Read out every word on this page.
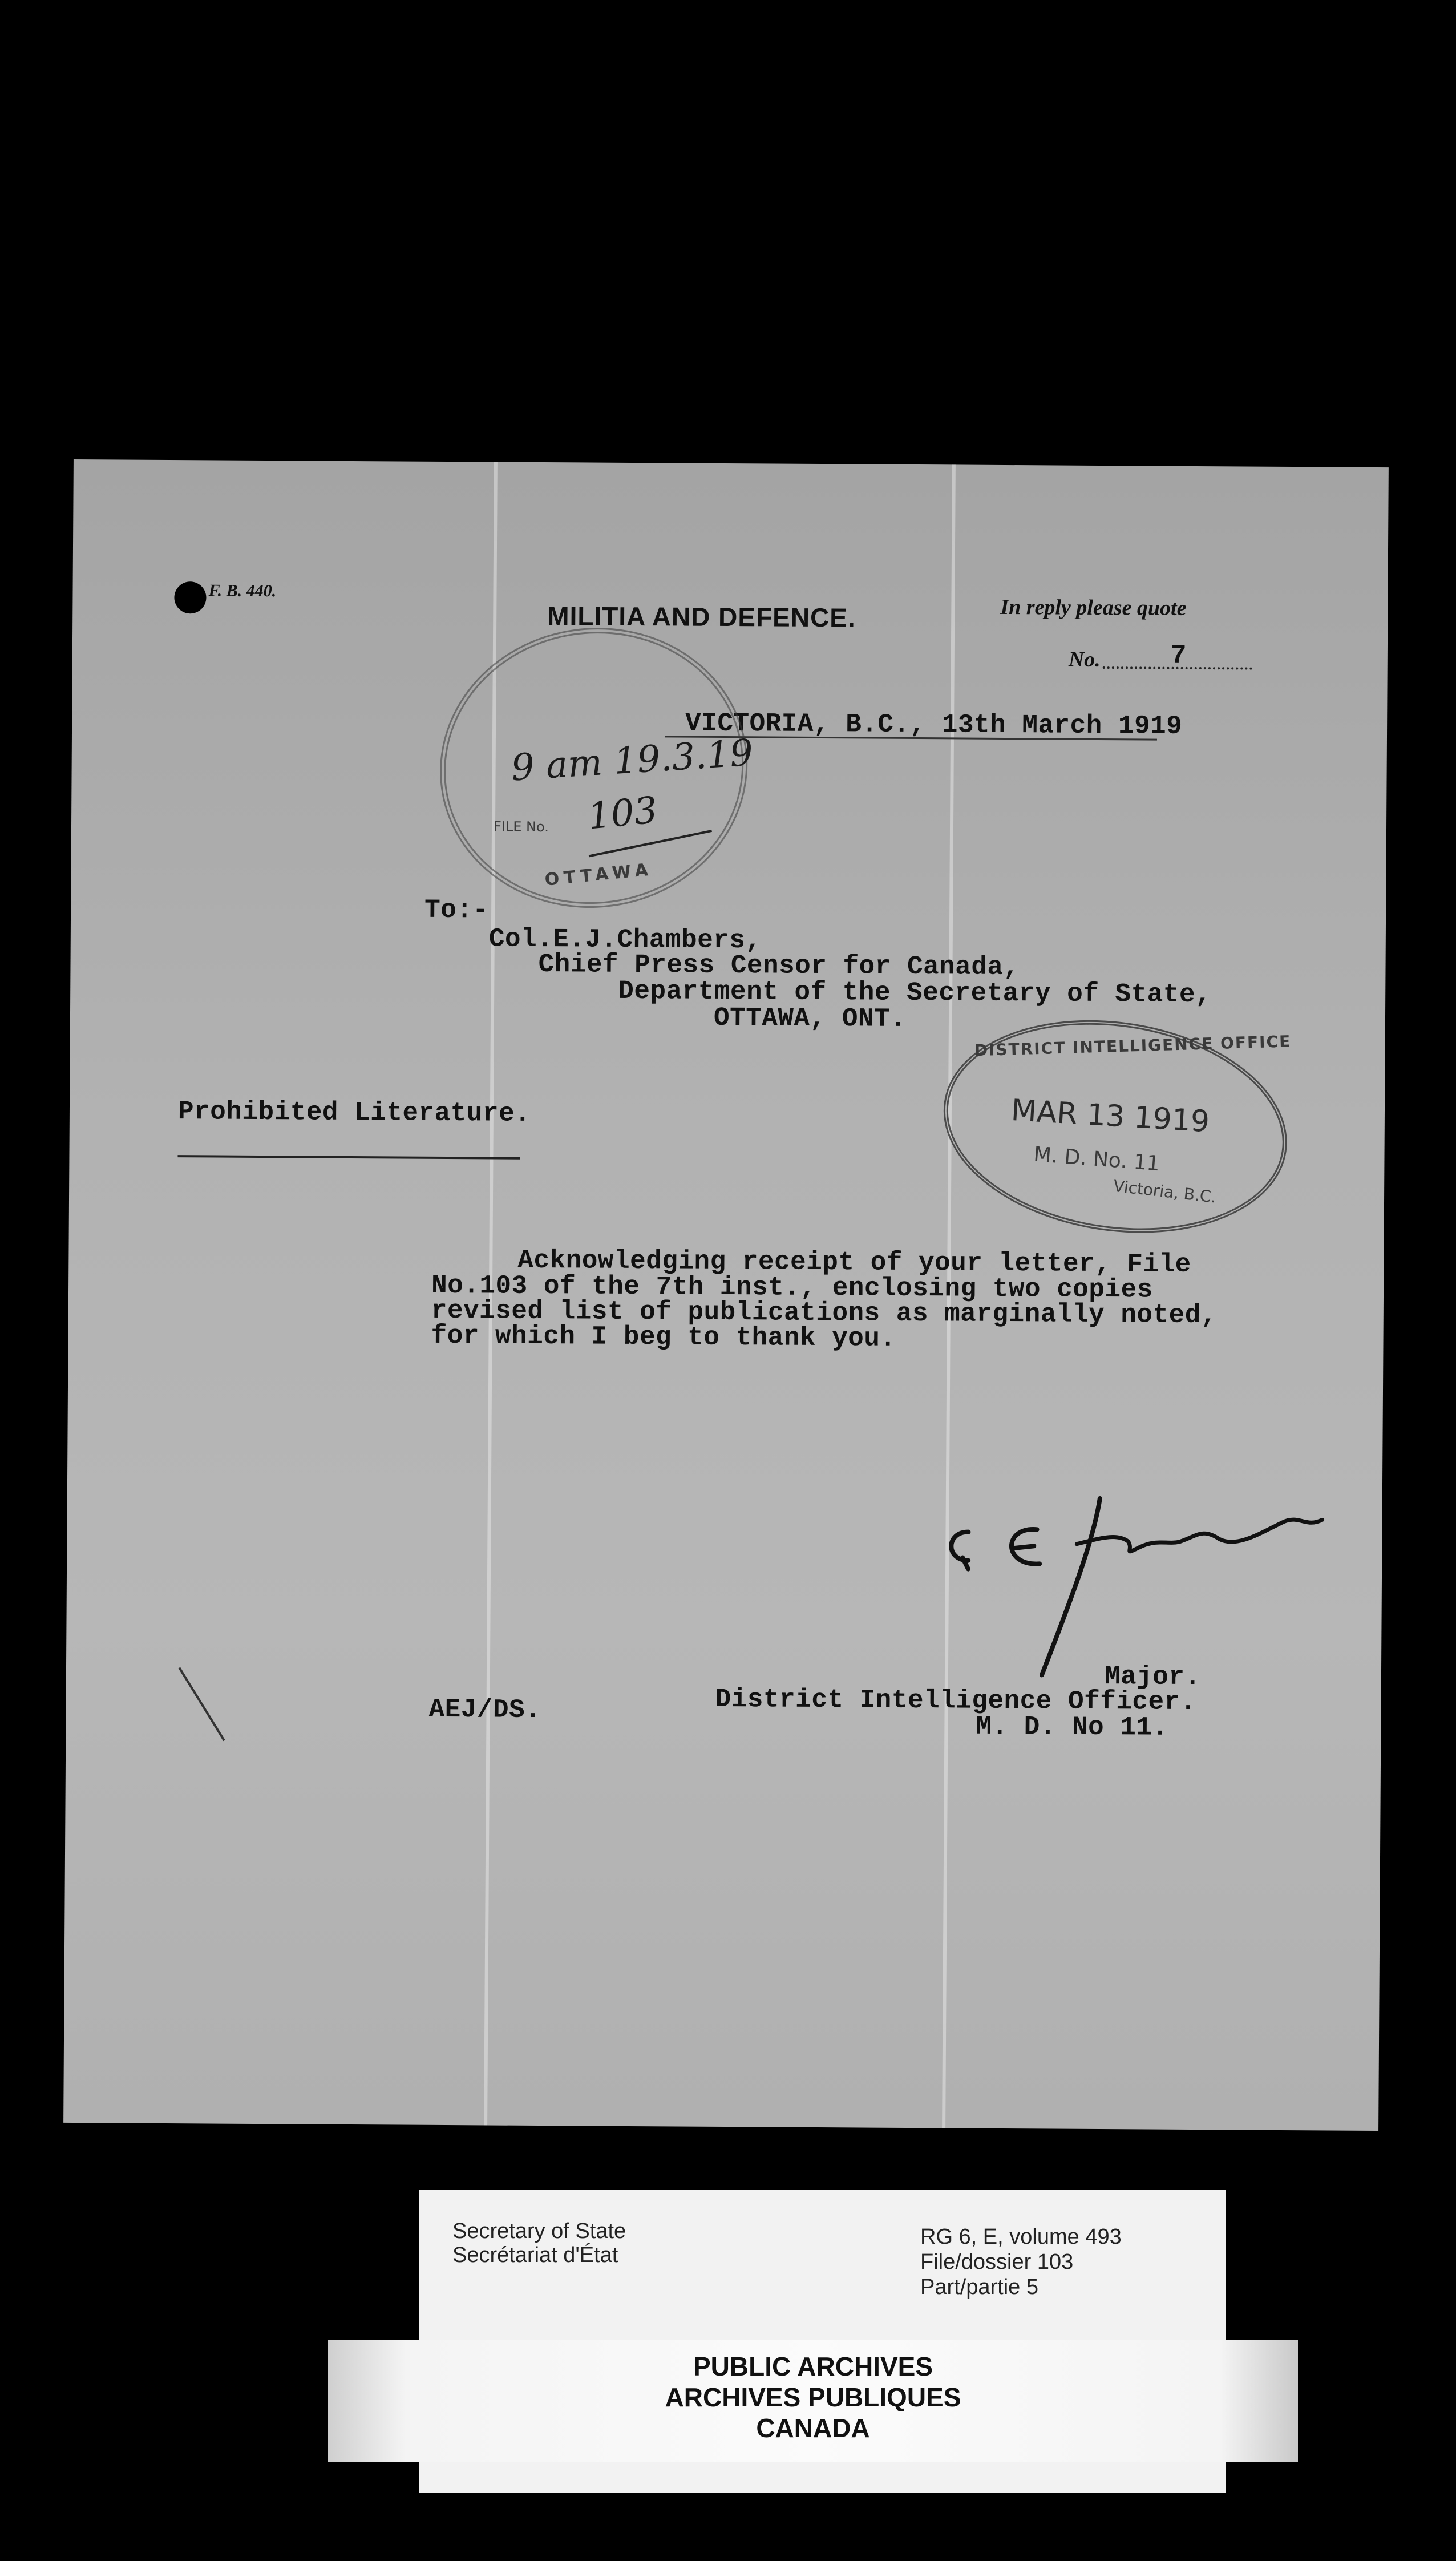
F. B. 440.
MILITIA AND DEFENCE.	In reply please quote
No.	7
VICTORIA, B.C., 13th March 1919
FILE No.
OTTAWA
9 am 19.3.19
103
To:-
Col.E.J.Chambers,
Chief Press Censor for Canada,
Department of the Secretary of State,
OTTAWA, ONT.
DISTRICT INTELLIGENCE OFFICE
MAR 13 1919
M. D. No. 11
Victoria, B.C.
Prohibited Literature.
Acknowledging receipt of your letter, File
No.103 of the 7th inst., enclosing two copies
revised list of publications as marginally noted,
for which I beg to thank you.
Major.
District Intelligence Officer.
M. D. No 11.
AEJ/DS.
Secretary of State
Secrétariat d'État
RG 6, E, volume 493
File/dossier 103
Part/partie 5
PUBLIC ARCHIVES
ARCHIVES PUBLIQUES
CANADA
